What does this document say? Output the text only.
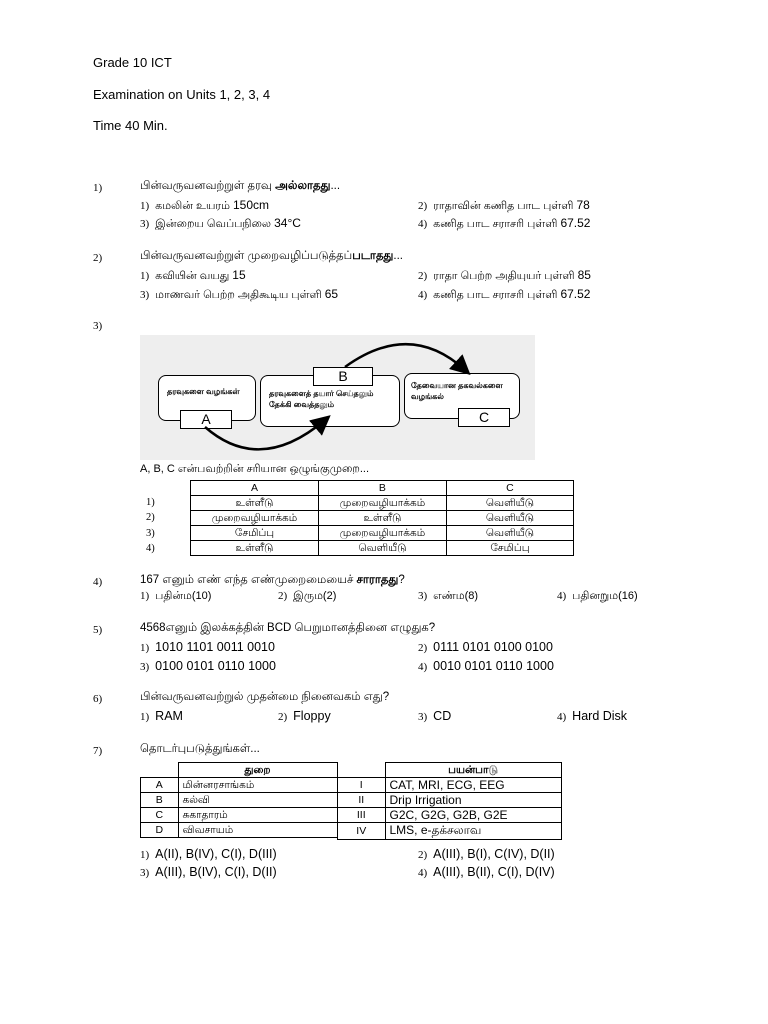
Grade 10 ICT
Examination on Units 1, 2, 3, 4
Time 40 Min.
1)	பின்வருவனவற்றுள் தரவு அல்லாதது...
1) கமலின் உயரம் 150cm	2) ராதாவின் கணித பாட புள்ளி 78
3) இன்றைய வெப்பநிலை 34°C	4) கணித பாட சராசரி புள்ளி 67.52
2)	பின்வருவனவற்றுள் முறைவழிப்படுத்தப்படாதது...
1) கவியின் வயது 15	2) ராதா பெற்ற அதியுயர் புள்ளி 85
3) மாணவர் பெற்ற அதிகூடிய புள்ளி 65	4) கணித பாட சராசரி புள்ளி 67.52
3)
தரவுகளை வழங்கள்	தரவுகளைத் தயார் செய்தலும்
தேக்கி வைத்தலும்
தேவையான தகவல்களை
வழங்கல்
A
B
C
A, B, C என்பவற்றின் சரியான ஒழுங்குமுறை...
1)
2)
3)
4)
A	B	C
உள்ளீடு	முறைவழியாக்கம்	வெளியீடு
முறைவழியாக்கம்	உள்ளீடு	வெளியீடு
சேமிப்பு	முறைவழியாக்கம்	வெளியீடு
உள்ளீடு	வெளியீடு	சேமிப்பு
4)	167 எனும் எண் எந்த எண்முறைமையைச் சாராதது?
1) பதின்ம(10)	2) இரும(2)	3) எண்ம(8)	4) பதினறும(16)
5)	4568எனும் இலக்கத்தின் BCD பெறுமானத்தினை எழுதுக?
1) 1010 1101 0011 0010	2) 0111 0101 0100 0100
3) 0100 0101 0110 1000	4) 0010 0101 0110 1000
6)	பின்வருவனவற்றுல் முதன்மை நினைவகம் எது?
1) RAM	2) Floppy	3) CD	4) Hard Disk
7)	தொடர்புபடுத்துங்கள்...
	துறை
A	மின்னரசாங்கம்
B	கல்வி
C	சுகாதாரம்
D	விவசாயம்
	பயன்பாடு
I	CAT, MRI, ECG, EEG
II	Drip Irrigation
III	G2C, G2G, G2B, G2E
IV	LMS, e-தக்சலாவ
1) A(II), B(IV), C(I), D(III)	2) A(III), B(I), C(IV), D(II)
3) A(III), B(IV), C(I), D(II)	4) A(III), B(II), C(I), D(IV)
